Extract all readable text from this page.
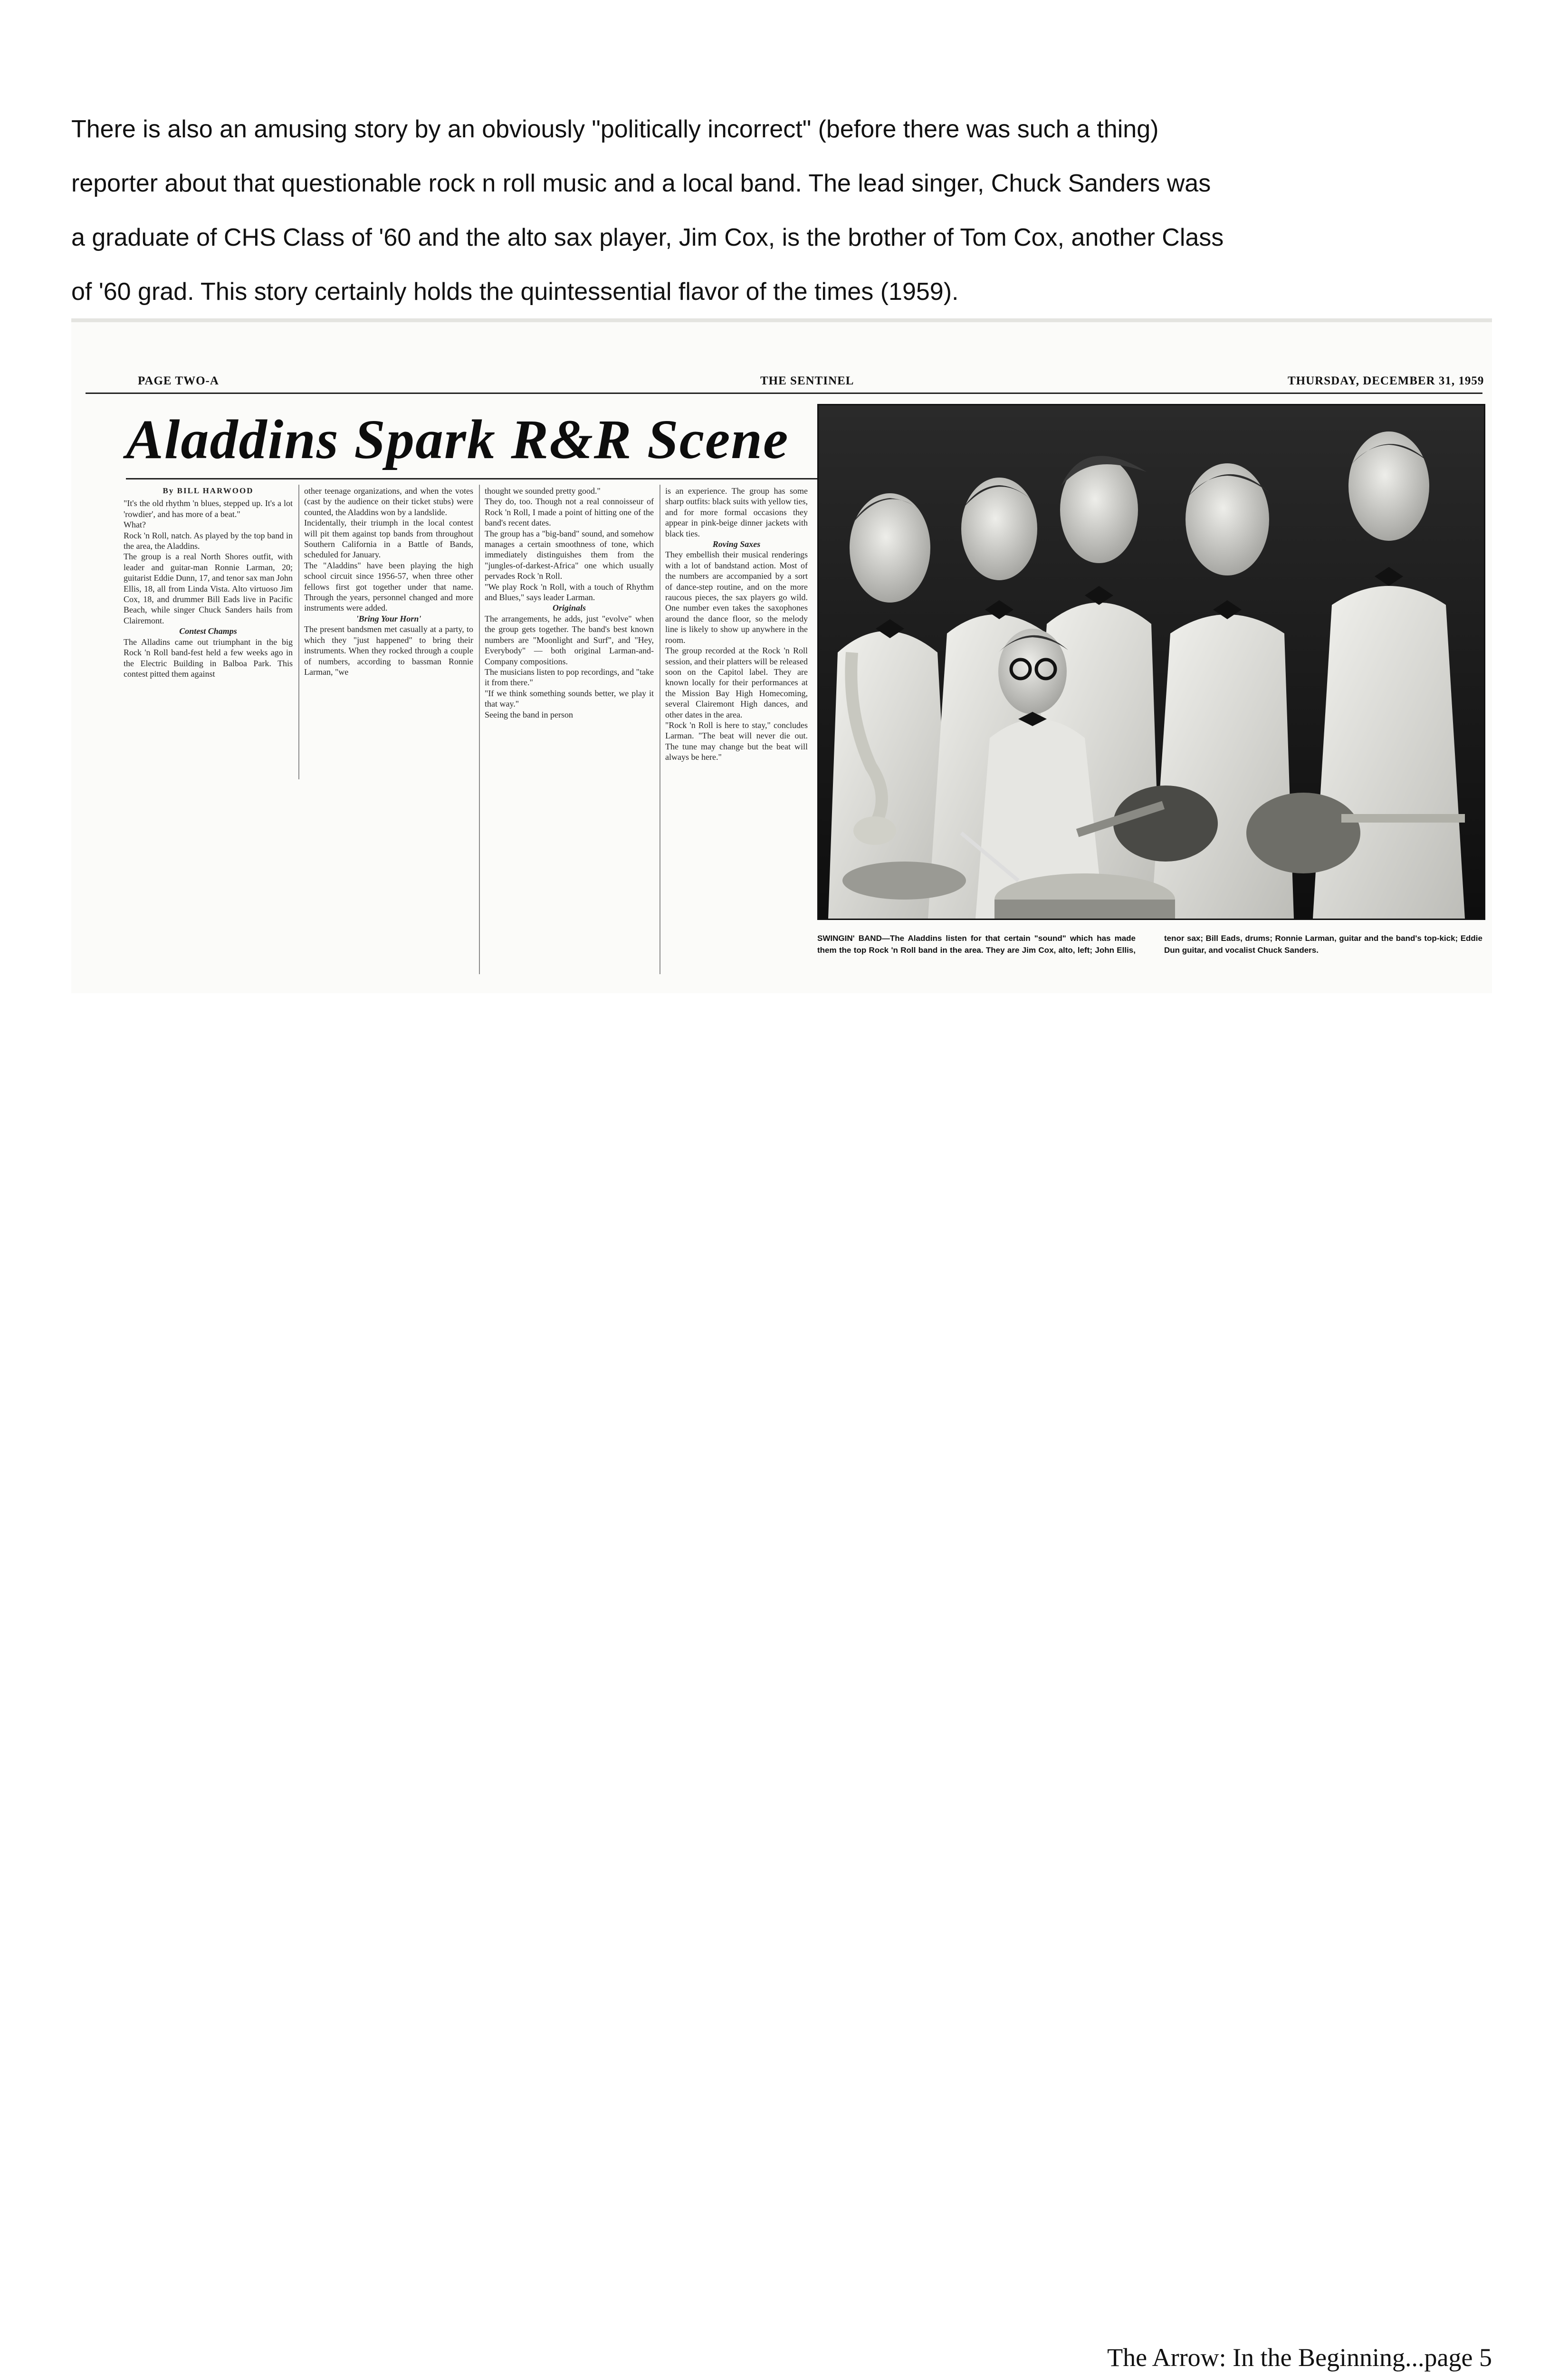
There is also an amusing story by an obviously "politically incorrect" (before there was such a thing)
reporter about that questionable rock n roll music and a local band. The lead singer, Chuck Sanders was
a graduate of CHS Class of '60 and the alto sax player, Jim Cox, is the brother of Tom Cox, another Class
of '60 grad. This story certainly holds the quintessential flavor of the times (1959).
PAGE TWO-A	THE SENTINEL	THURSDAY, DECEMBER 31, 1959
Aladdins Spark R&R Scene

By BILL HARWOOD

"It's the old rhythm 'n blues, stepped up. It's a lot 'rowdier', and has more of a beat."

What?

Rock 'n Roll, natch. As played by the top band in the area, the Aladdins.

The group is a real North Shores outfit, with leader and guitar-man Ronnie Larman, 20; guitarist Eddie Dunn, 17, and tenor sax man John Ellis, 18, all from Linda Vista. Alto virtuoso Jim Cox, 18, and drummer Bill Eads live in Pacific Beach, while singer Chuck Sanders hails from Clairemont.

Contest Champs

The Alladins came out triumphant in the big Rock 'n Roll band-fest held a few weeks ago in the Electric Building in Balboa Park. This contest pitted them against

other teenage organizations, and when the votes (cast by the audience on their ticket stubs) were counted, the Aladdins won by a landslide.

Incidentally, their triumph in the local contest will pit them against top bands from throughout Southern California in a Battle of Bands, scheduled for January.

The "Aladdins" have been playing the high school circuit since 1956-57, when three other fellows first got together under that name. Through the years, personnel changed and more instruments were added.

'Bring Your Horn'

The present bandsmen met casually at a party, to which they "just happened" to bring their instruments. When they rocked through a couple of numbers, according to bassman Ronnie Larman, "we

thought we sounded pretty good."

They do, too. Though not a real connoisseur of Rock 'n Roll, I made a point of hitting one of the band's recent dates.

The group has a "big-band" sound, and somehow manages a certain smoothness of tone, which immediately distinguishes them from the "jungles-of-darkest-Africa" one which usually pervades Rock 'n Roll.

"We play Rock 'n Roll, with a touch of Rhythm and Blues," says leader Larman.

Originals

The arrangements, he adds, just "evolve" when the group gets together. The band's best known numbers are "Moonlight and Surf", and "Hey, Everybody" — both original Larman-and-Company compositions.

The musicians listen to pop recordings, and "take it from there."

"If we think something sounds better, we play it that way."

Seeing the band in person

is an experience. The group has some sharp outfits: black suits with yellow ties, and for more formal occasions they appear in pink-beige dinner jackets with black ties.

Roving Saxes

They embellish their musical renderings with a lot of bandstand action. Most of the numbers are accompanied by a sort of dance-step routine, and on the more raucous pieces, the sax players go wild. One number even takes the saxophones around the dance floor, so the melody line is likely to show up anywhere in the room.

The group recorded at the Rock 'n Roll session, and their platters will be released soon on the Capitol label. They are known locally for their performances at the Mission Bay High Homecoming, several Clairemont High dances, and other dates in the area.

"Rock 'n Roll is here to stay," concludes Larman. "The beat will never die out. The tune may change but the beat will always be here."

SWINGIN' BAND—The Aladdins listen for that certain "sound" which has made them the top Rock 'n Roll band in the area. They are Jim Cox, alto, left; John Ellis, tenor sax; Bill Eads, drums; Ronnie Larman, guitar and the band's top-kick; Eddie Dun guitar, and vocalist Chuck Sanders.
The Arrow: In the Beginning...page 5
